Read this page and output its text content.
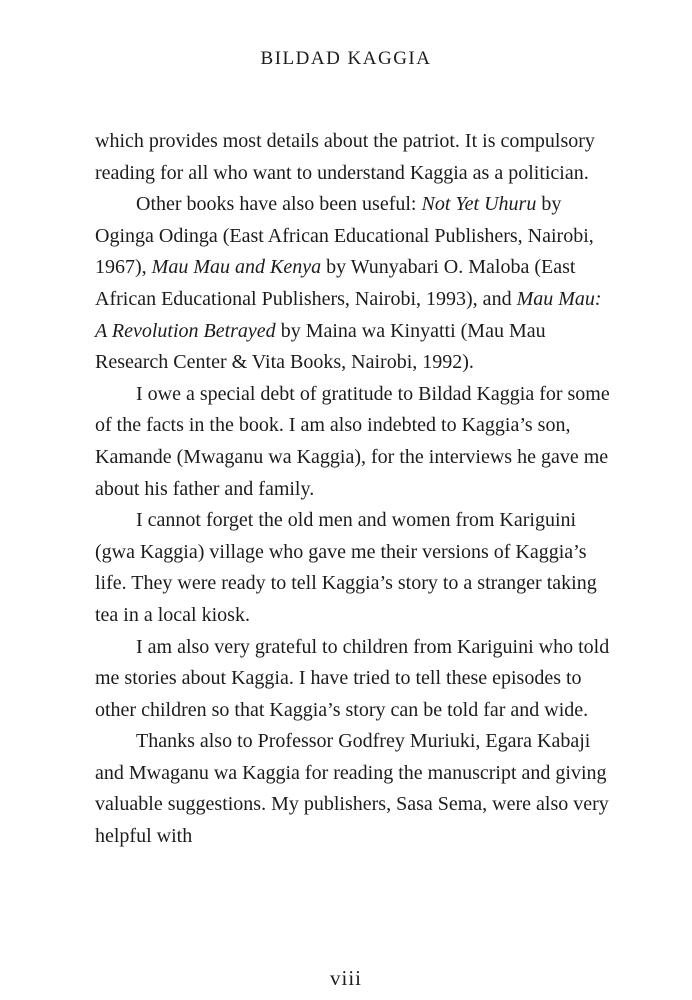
BILDAD KAGGIA

which provides most details about the patriot. It is compulsory reading for all who want to understand Kaggia as a politician.

Other books have also been useful: Not Yet Uhuru by Oginga Odinga (East African Educational Publishers, Nairobi, 1967), Mau Mau and Kenya by Wunyabari O. Maloba (East African Educational Publishers, Nairobi, 1993), and Mau Mau: A Revolution Betrayed by Maina wa Kinyatti (Mau Mau Research Center & Vita Books, Nairobi, 1992).

I owe a special debt of gratitude to Bildad Kaggia for some of the facts in the book. I am also indebted to Kaggia’s son, Kamande (Mwaganu wa Kaggia), for the interviews he gave me about his father and family.

I cannot forget the old men and women from Kariguini (gwa Kaggia) village who gave me their versions of Kaggia’s life. They were ready to tell Kaggia’s story to a stranger taking tea in a local kiosk.

I am also very grateful to children from Kariguini who told me stories about Kaggia. I have tried to tell these episodes to other children so that Kaggia’s story can be told far and wide.

Thanks also to Professor Godfrey Muriuki, Egara Kabaji and Mwaganu wa Kaggia for reading the manuscript and giving valuable suggestions. My publishers, Sasa Sema, were also very helpful with

viii
